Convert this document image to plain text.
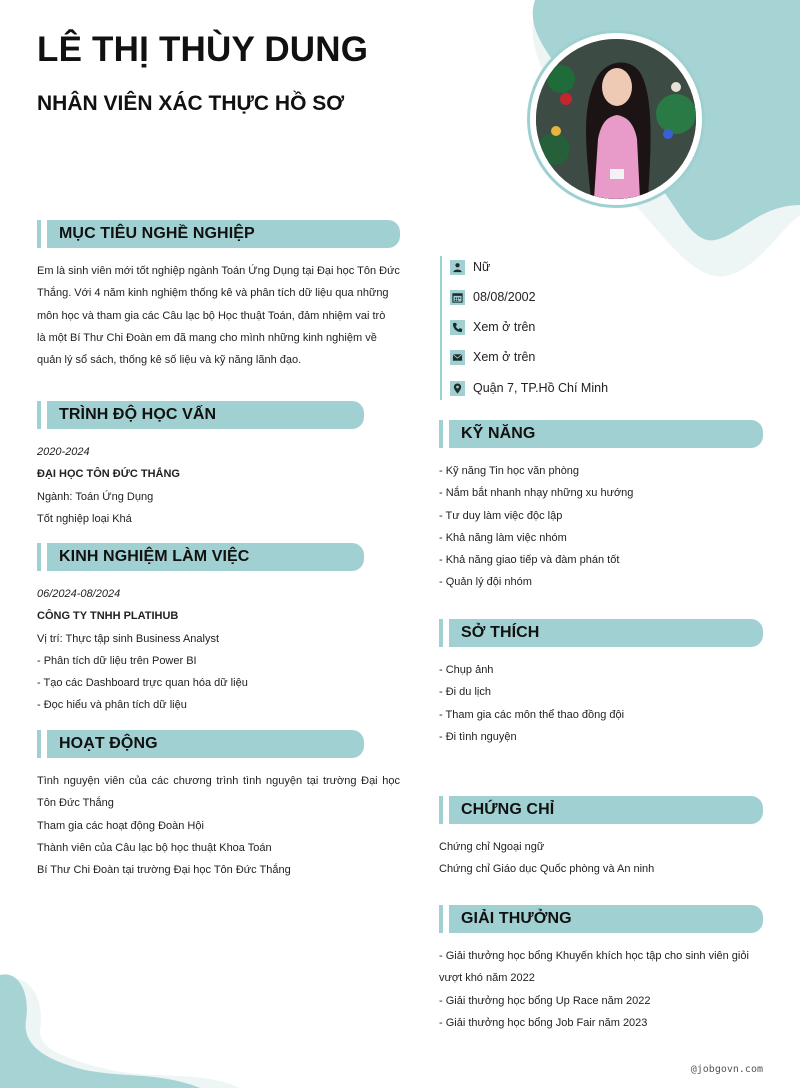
LÊ THỊ THÙY DUNG
NHÂN VIÊN XÁC THỰC HỒ SƠ
MỤC TIÊU NGHỀ NGHIỆP

Em là sinh viên mới tốt nghiệp ngành Toán Ứng Dụng tại Đại học Tôn Đức

Thắng. Với 4 năm kinh nghiệm thống kê và phân tích dữ liệu qua những

môn học và tham gia các Câu lạc bộ Học thuật Toán, đảm nhiệm vai trò

là một Bí Thư Chi Đoàn em đã mang cho mình những kinh nghiệm về

quản lý sổ sách, thống kê số liệu và kỹ năng lãnh đạo.

TRÌNH ĐỘ HỌC VẤN

2020-2024

ĐẠI HỌC TÔN ĐỨC THẮNG

Ngành: Toán Ứng Dụng

Tốt nghiệp loại Khá

KINH NGHIỆM LÀM VIỆC

06/2024-08/2024

CÔNG TY TNHH PLATIHUB

Vị trí: Thực tập sinh Business Analyst

- Phân tích dữ liệu trên Power BI

- Tạo các Dashboard trực quan hóa dữ liệu

- Đọc hiểu và phân tích dữ liệu

HOẠT ĐỘNG

Tình nguyện viên của các chương trình tình nguyện tại trường Đại học Tôn Đức Thắng

Tham gia các hoạt động Đoàn Hội

Thành viên của Câu lạc bộ học thuật Khoa Toán

Bí Thư Chi Đoàn tại trường Đại học Tôn Đức Thắng

Nữ
08/08/2002
Xem ở trên
Xem ở trên
Quận 7, TP.Hồ Chí Minh
KỸ NĂNG

- Kỹ năng Tin học văn phòng

- Nắm bắt nhanh nhạy những xu hướng

- Tư duy làm việc độc lập

- Khả năng làm việc nhóm

- Khả năng giao tiếp và đàm phán tốt

- Quản lý đội nhóm

SỞ THÍCH

- Chụp ảnh

- Đi du lịch

- Tham gia các môn thể thao đồng đội

- Đi tình nguyện

CHỨNG CHỈ

Chứng chỉ Ngoại ngữ

Chứng chỉ Giáo dục Quốc phòng và An ninh

GIẢI THƯỞNG

- Giải thưởng học bổng Khuyến khích học tập cho sinh viên giỏi

vượt khó năm 2022

- Giải thưởng học bổng Up Race năm 2022

- Giải thưởng học bổng Job Fair năm 2023

@jobgovn.com
